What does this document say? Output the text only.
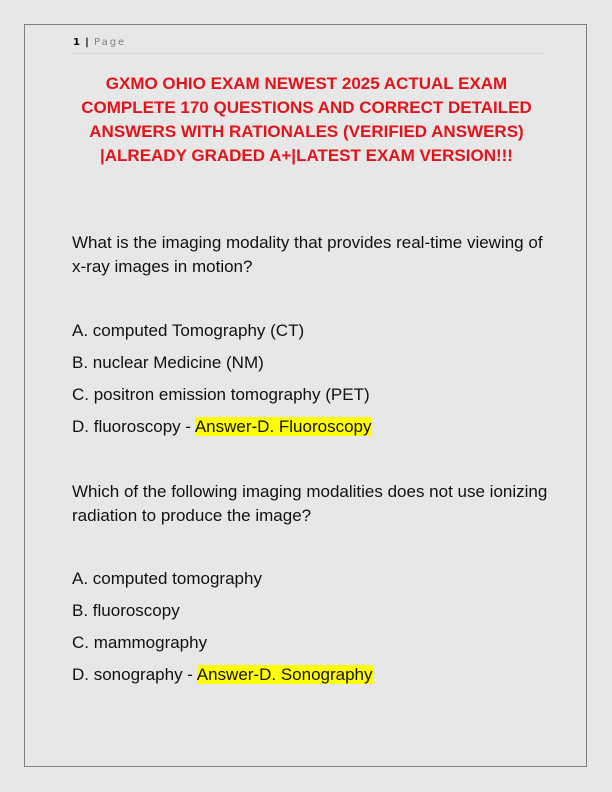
1 | Page
GXMO OHIO EXAM NEWEST 2025 ACTUAL EXAM COMPLETE 170 QUESTIONS AND CORRECT DETAILED ANSWERS WITH RATIONALES (VERIFIED ANSWERS) |ALREADY GRADED A+|LATEST EXAM VERSION!!!
What is the imaging modality that provides real-time viewing of x-ray images in motion?
A. computed Tomography (CT)
B. nuclear Medicine (NM)
C. positron emission tomography (PET)
D. fluoroscopy - Answer-D. Fluoroscopy
Which of the following imaging modalities does not use ionizing radiation to produce the image?
A. computed tomography
B. fluoroscopy
C. mammography
D. sonography - Answer-D. Sonography
